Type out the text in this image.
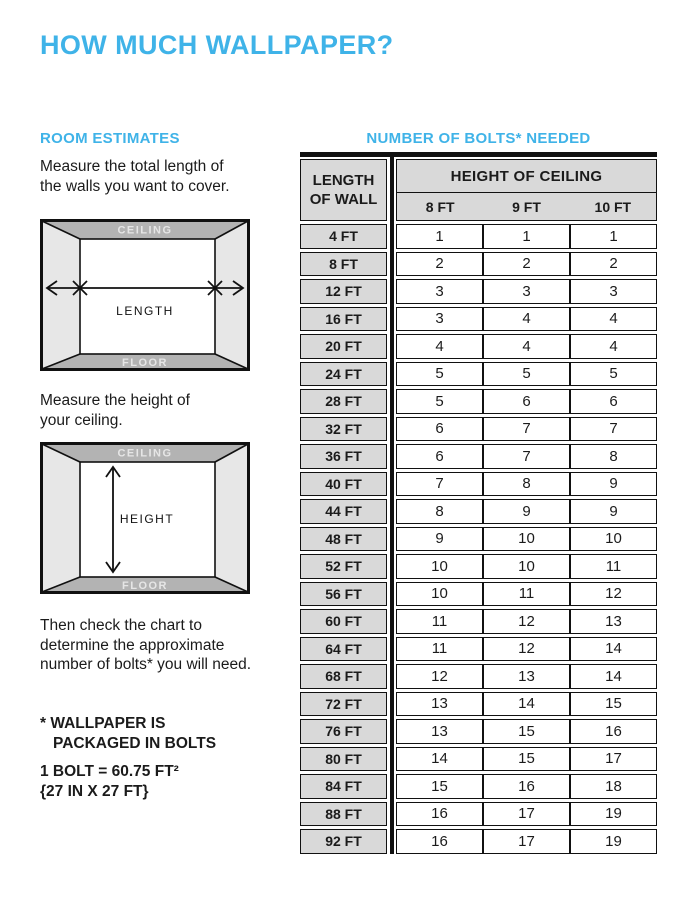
HOW MUCH WALLPAPER?
ROOM ESTIMATES
Measure the total length of
the walls you want to cover.
CEILING
FLOOR
LENGTH
Measure the height of
your ceiling.
CEILING
FLOOR
HEIGHT
Then check the chart to
determine the approximate
number of bolts* you will need.
* WALLPAPER IS
PACKAGED IN BOLTS
1 BOLT = 60.75 FT²
{27 IN X 27 FT}
NUMBER OF BOLTS* NEEDED
LENGTH OF WALL
HEIGHT OF CEILING
8 FT	9 FT	10 FT
4 FT	1	1	1
8 FT	2	2	2
12 FT	3	3	3
16 FT	3	4	4
20 FT	4	4	4
24 FT	5	5	5
28 FT	5	6	6
32 FT	6	7	7
36 FT	6	7	8
40 FT	7	8	9
44 FT	8	9	9
48 FT	9	10	10
52 FT	10	10	11
56 FT	10	11	12
60 FT	11	12	13
64 FT	11	12	14
68 FT	12	13	14
72 FT	13	14	15
76 FT	13	15	16
80 FT	14	15	17
84 FT	15	16	18
88 FT	16	17	19
92 FT	16	17	19
